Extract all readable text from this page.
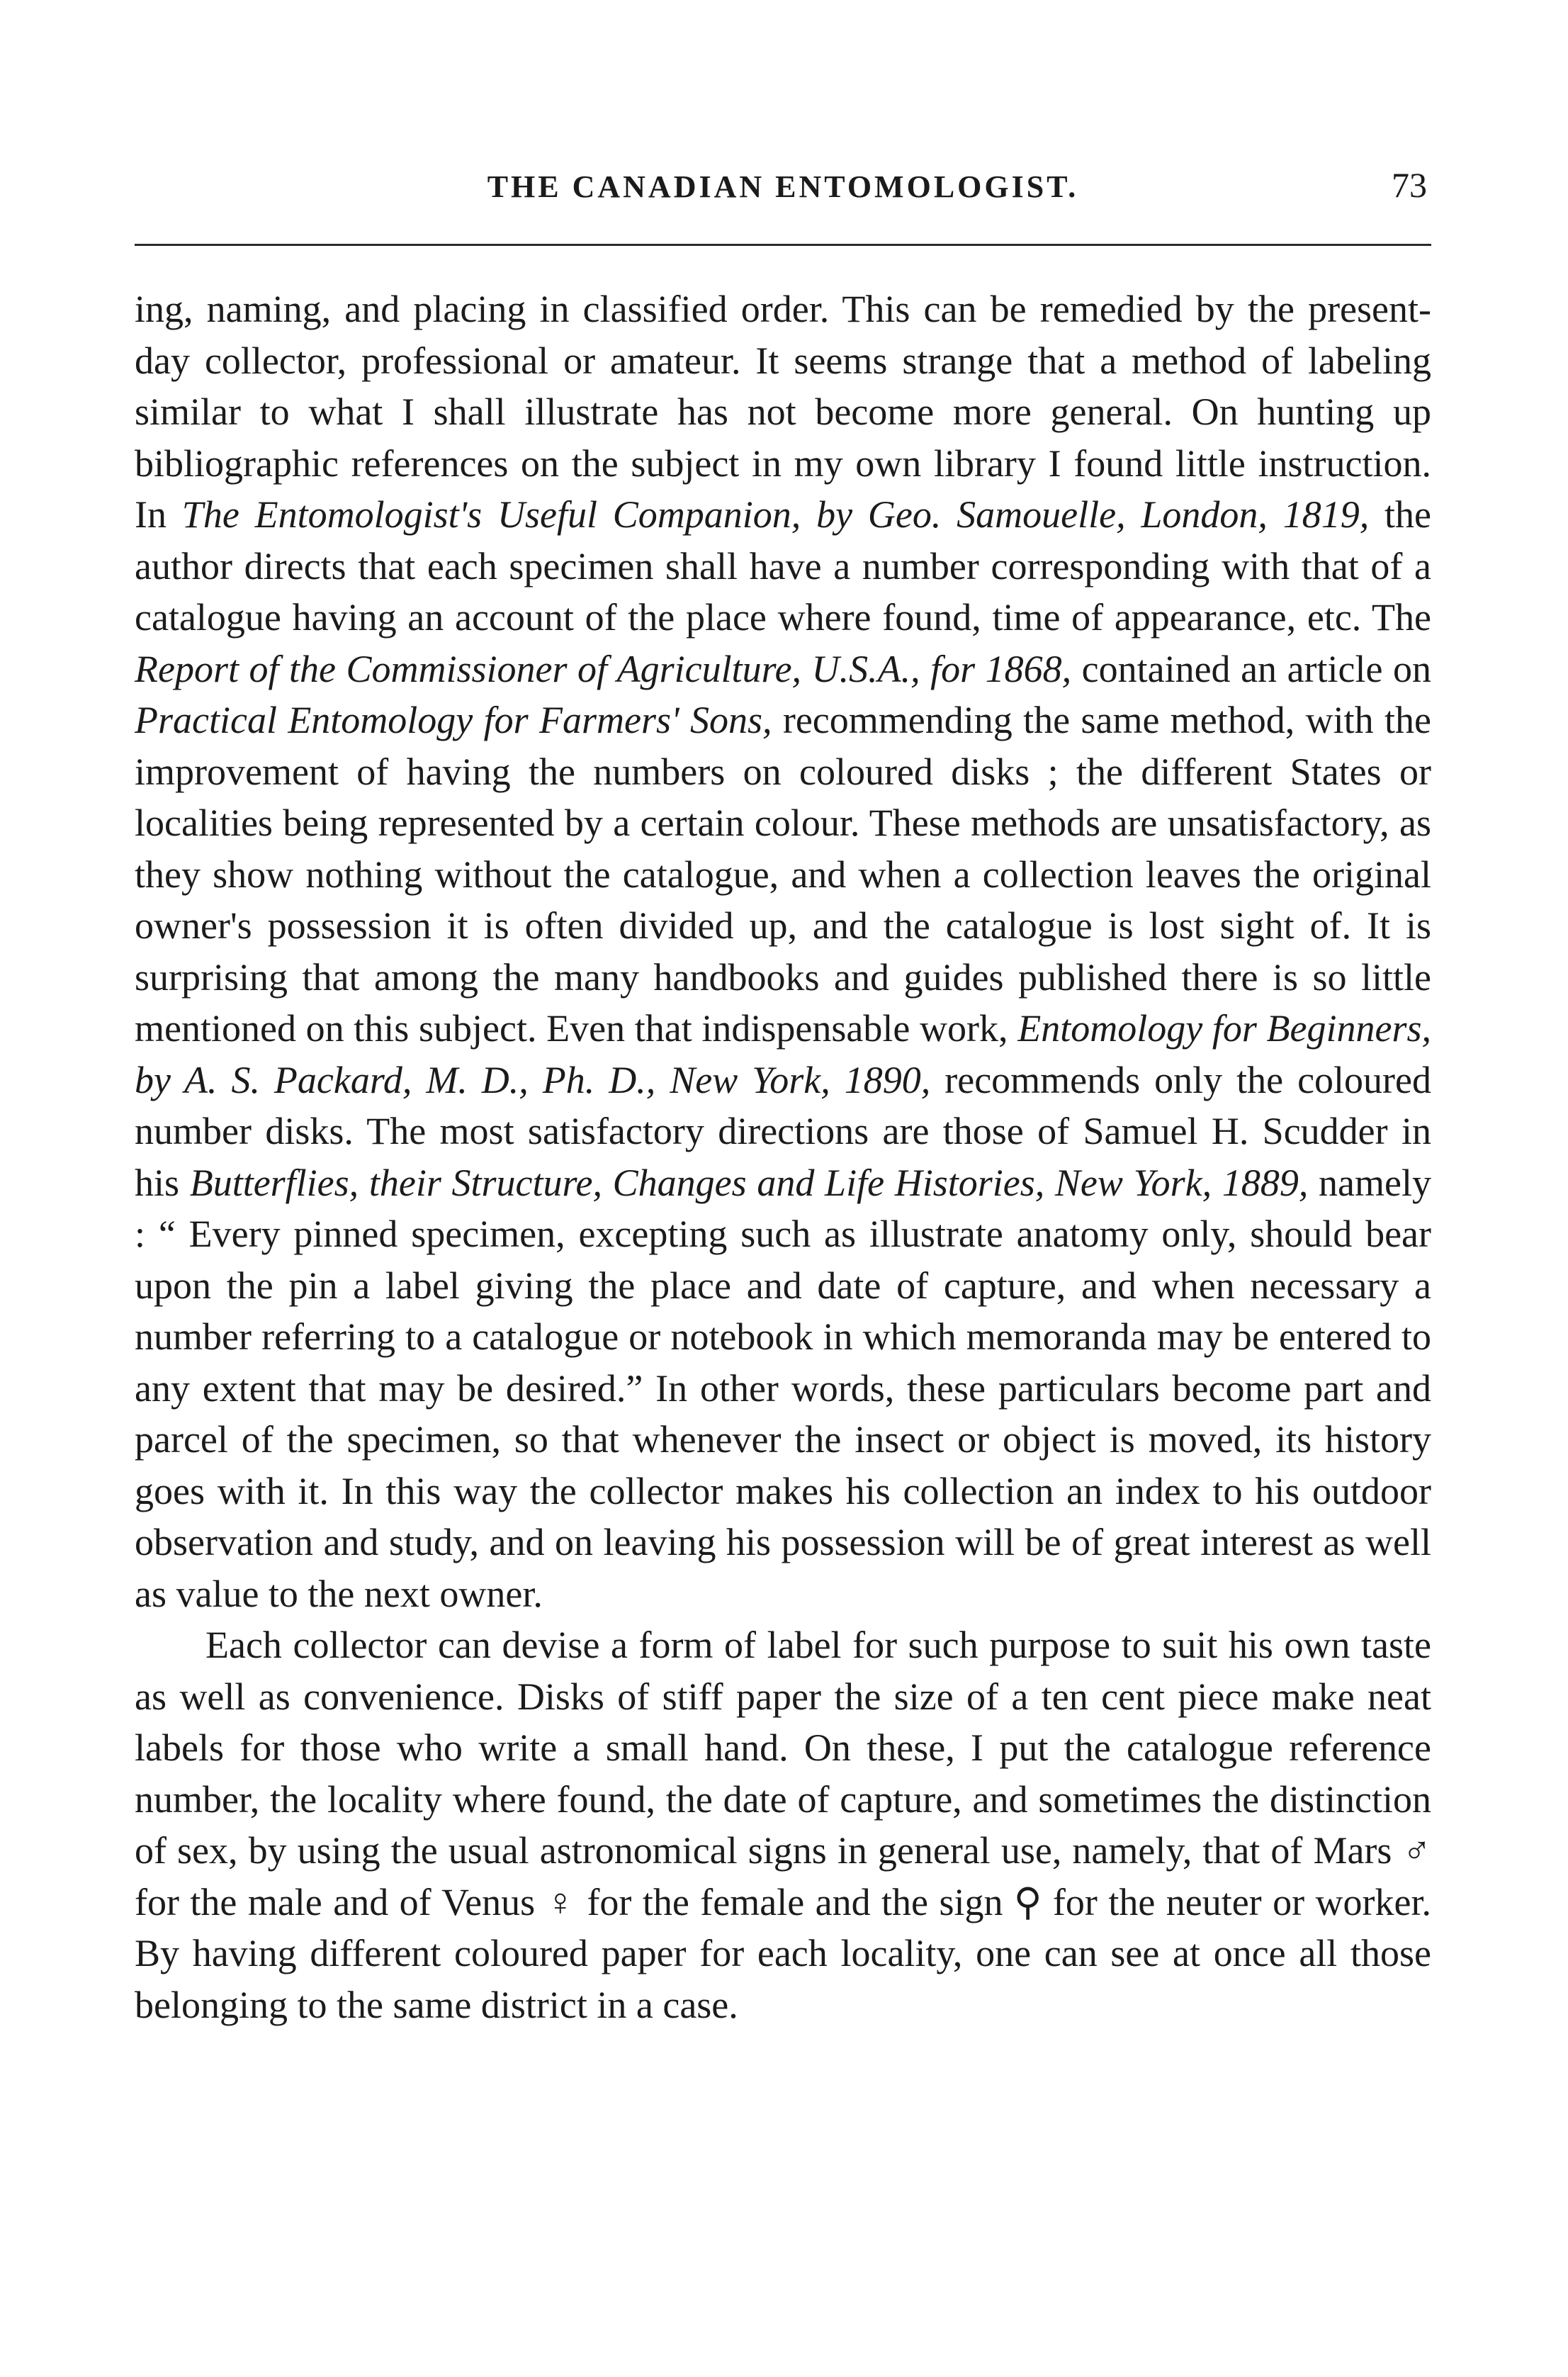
THE CANADIAN ENTOMOLOGIST.	73

ing, naming, and placing in classified order. This can be remedied by the present-day collector, professional or amateur. It seems strange that a method of labeling similar to what I shall illustrate has not become more general. On hunting up bibliographic references on the subject in my own library I found little instruction. In The Entomologist's Useful Companion, by Geo. Samouelle, London, 1819, the author directs that each specimen shall have a number corresponding with that of a catalogue having an account of the place where found, time of appearance, etc. The Report of the Commissioner of Agriculture, U.S.A., for 1868, contained an article on Practical Entomology for Farmers' Sons, recommending the same method, with the improvement of having the numbers on coloured disks ; the different States or localities being represented by a certain colour. These methods are unsatisfactory, as they show nothing without the catalogue, and when a collection leaves the original owner's possession it is often divided up, and the catalogue is lost sight of. It is surprising that among the many handbooks and guides published there is so little mentioned on this subject. Even that indispensable work, Entomology for Beginners, by A. S. Packard, M. D., Ph. D., New York, 1890, recommends only the coloured number disks. The most satisfactory directions are those of Samuel H. Scudder in his Butterflies, their Structure, Changes and Life Histories, New York, 1889, namely : “ Every pinned specimen, excepting such as illustrate anatomy only, should bear upon the pin a label giving the place and date of capture, and when necessary a number referring to a catalogue or notebook in which memoranda may be entered to any extent that may be desired.” In other words, these particulars become part and parcel of the specimen, so that whenever the insect or object is moved, its history goes with it. In this way the collector makes his collection an index to his outdoor observation and study, and on leaving his possession will be of great interest as well as value to the next owner.

Each collector can devise a form of label for such purpose to suit his own taste as well as convenience. Disks of stiff paper the size of a ten cent piece make neat labels for those who write a small hand. On these, I put the catalogue reference number, the locality where found, the date of capture, and sometimes the distinction of sex, by using the usual astronomical signs in general use, namely, that of Mars ♂ for the male and of Venus ♀ for the female and the sign ⚲ for the neuter or worker. By having different coloured paper for each locality, one can see at once all those belonging to the same district in a case.
